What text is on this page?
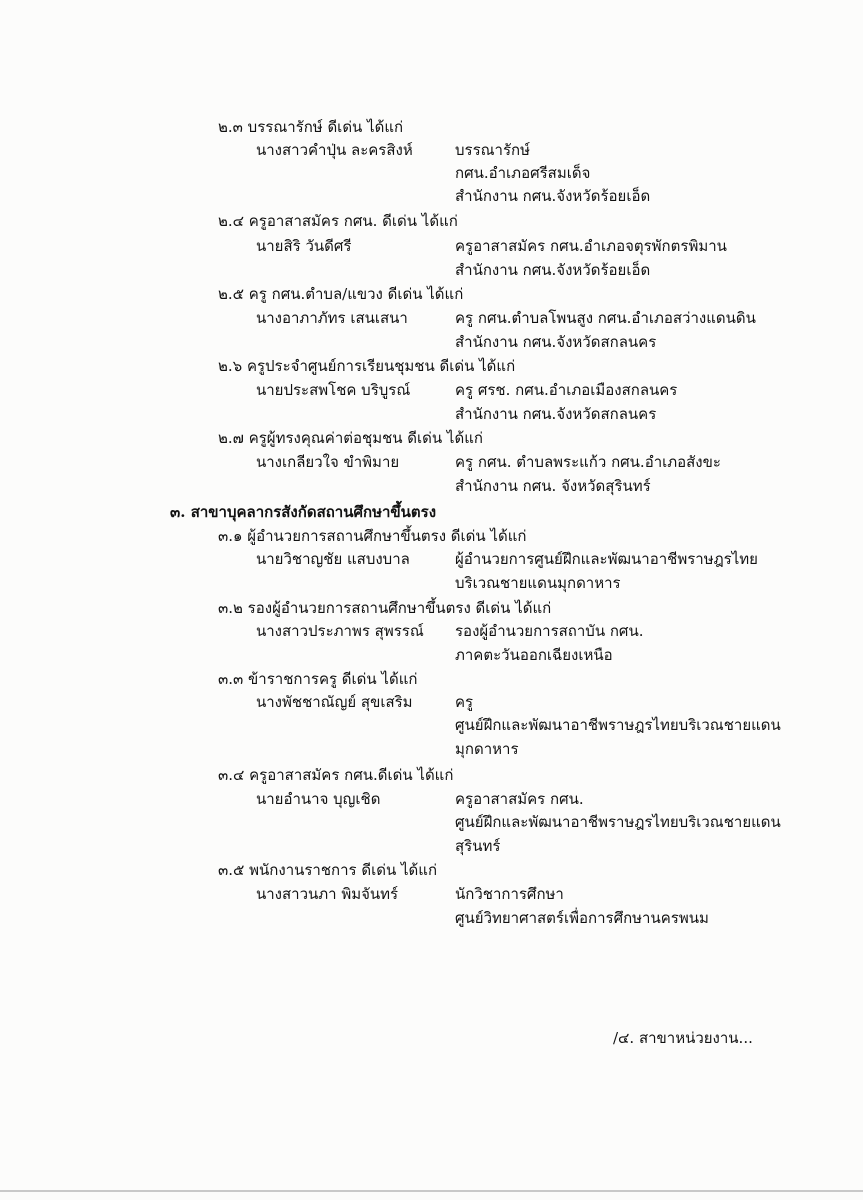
๒.๓ บรรณารักษ์ ดีเด่น ได้แก่
นางสาวคำปุ่น ละครสิงห์	บรรณารักษ์
กศน.อำเภอศรีสมเด็จ
สำนักงาน กศน.จังหวัดร้อยเอ็ด
๒.๔ ครูอาสาสมัคร กศน. ดีเด่น ได้แก่
นายสิริ วันดีศรี	ครูอาสาสมัคร กศน.อำเภอจตุรพักตรพิมาน
สำนักงาน กศน.จังหวัดร้อยเอ็ด
๒.๕ ครู กศน.ตำบล/แขวง ดีเด่น ได้แก่
นางอาภาภัทร เสนเสนา	ครู กศน.ตำบลโพนสูง กศน.อำเภอสว่างแดนดิน
สำนักงาน กศน.จังหวัดสกลนคร
๒.๖ ครูประจำศูนย์การเรียนชุมชน ดีเด่น ได้แก่
นายประสพโชค บริบูรณ์	ครู ศรช. กศน.อำเภอเมืองสกลนคร
สำนักงาน กศน.จังหวัดสกลนคร
๒.๗ ครูผู้ทรงคุณค่าต่อชุมชน ดีเด่น ได้แก่
นางเกลียวใจ ขำพิมาย	ครู กศน. ตำบลพระแก้ว กศน.อำเภอสังขะ
สำนักงาน กศน. จังหวัดสุรินทร์
๓. สาขาบุคลากรสังกัดสถานศึกษาขึ้นตรง
๓.๑ ผู้อำนวยการสถานศึกษาขึ้นตรง ดีเด่น ได้แก่
นายวิชาญชัย แสบงบาล	ผู้อำนวยการศูนย์ฝึกและพัฒนาอาชีพราษฎรไทย
บริเวณชายแดนมุกดาหาร
๓.๒ รองผู้อำนวยการสถานศึกษาขึ้นตรง ดีเด่น ได้แก่
นางสาวประภาพร สุพรรณ์ รองผู้อำนวยการสถาบัน กศน.
ภาคตะวันออกเฉียงเหนือ
๓.๓ ข้าราชการครู ดีเด่น ได้แก่
นางพัชชาณัญย์ สุขเสริม	ครู
ศูนย์ฝึกและพัฒนาอาชีพราษฎรไทยบริเวณชายแดน
มุกดาหาร
๓.๔ ครูอาสาสมัคร กศน.ดีเด่น ได้แก่
นายอำนาจ บุญเชิด	ครูอาสาสมัคร กศน.
ศูนย์ฝึกและพัฒนาอาชีพราษฎรไทยบริเวณชายแดน
สุรินทร์
๓.๕ พนักงานราชการ ดีเด่น ได้แก่
นางสาวนภา พิมจันทร์	นักวิชาการศึกษา
ศูนย์วิทยาศาสตร์เพื่อการศึกษานครพนม
/๔. สาขาหน่วยงาน...
